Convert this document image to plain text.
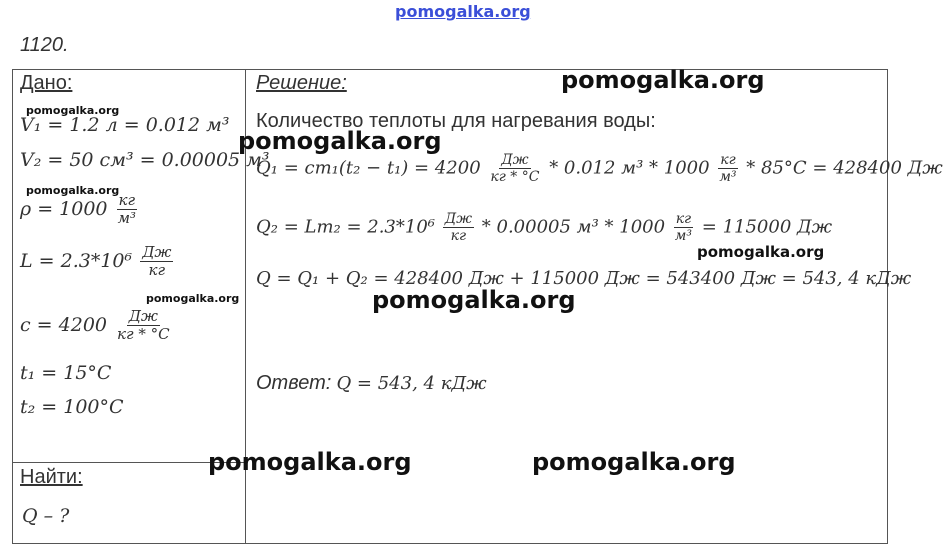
pomogalka.org
1120.
Дано:
pomogalka.org
V₁ = 1.2 л = 0.012 м³
V₂ = 50 см³ = 0.00005 м³
pomogalka.org
$\rho = 1000 \frac{кг}{\text{м³}}$
$L = 2.3*10^6 \frac{Дж}{кг}$
pomogalka.org
$c = 4200 \frac{Дж}{кг * ^\circ C}$
t₁ = 15°C
t₂ = 100°C
Найти:
Q – ?
Решение:	pomogalka.org
Количество теплоты для нагревания воды:
pomogalka.org
$Q_1 = cm_1(t_2 - t_1) = 4200 \frac{Дж}{кг * ^\circ C} * 0.012$ $м^3 * 1000 \frac{кг}{\text{м³}} * 85^\circ C = 428400$ Дж
$Q_2 = Lm_2 = 2.3*10^6 \frac{Дж}{кг} * 0.00005$ $м^3 * 1000 \frac{кг}{\text{м³}} = 115000$ Дж
pomogalka.org
Q = Q₁ + Q₂ = 428400 Дж + 115000 Дж = 543400 Дж = 543, 4 кДж
pomogalka.org
Ответ: Q = 543, 4 кДж
pomogalka.org	pomogalka.org
